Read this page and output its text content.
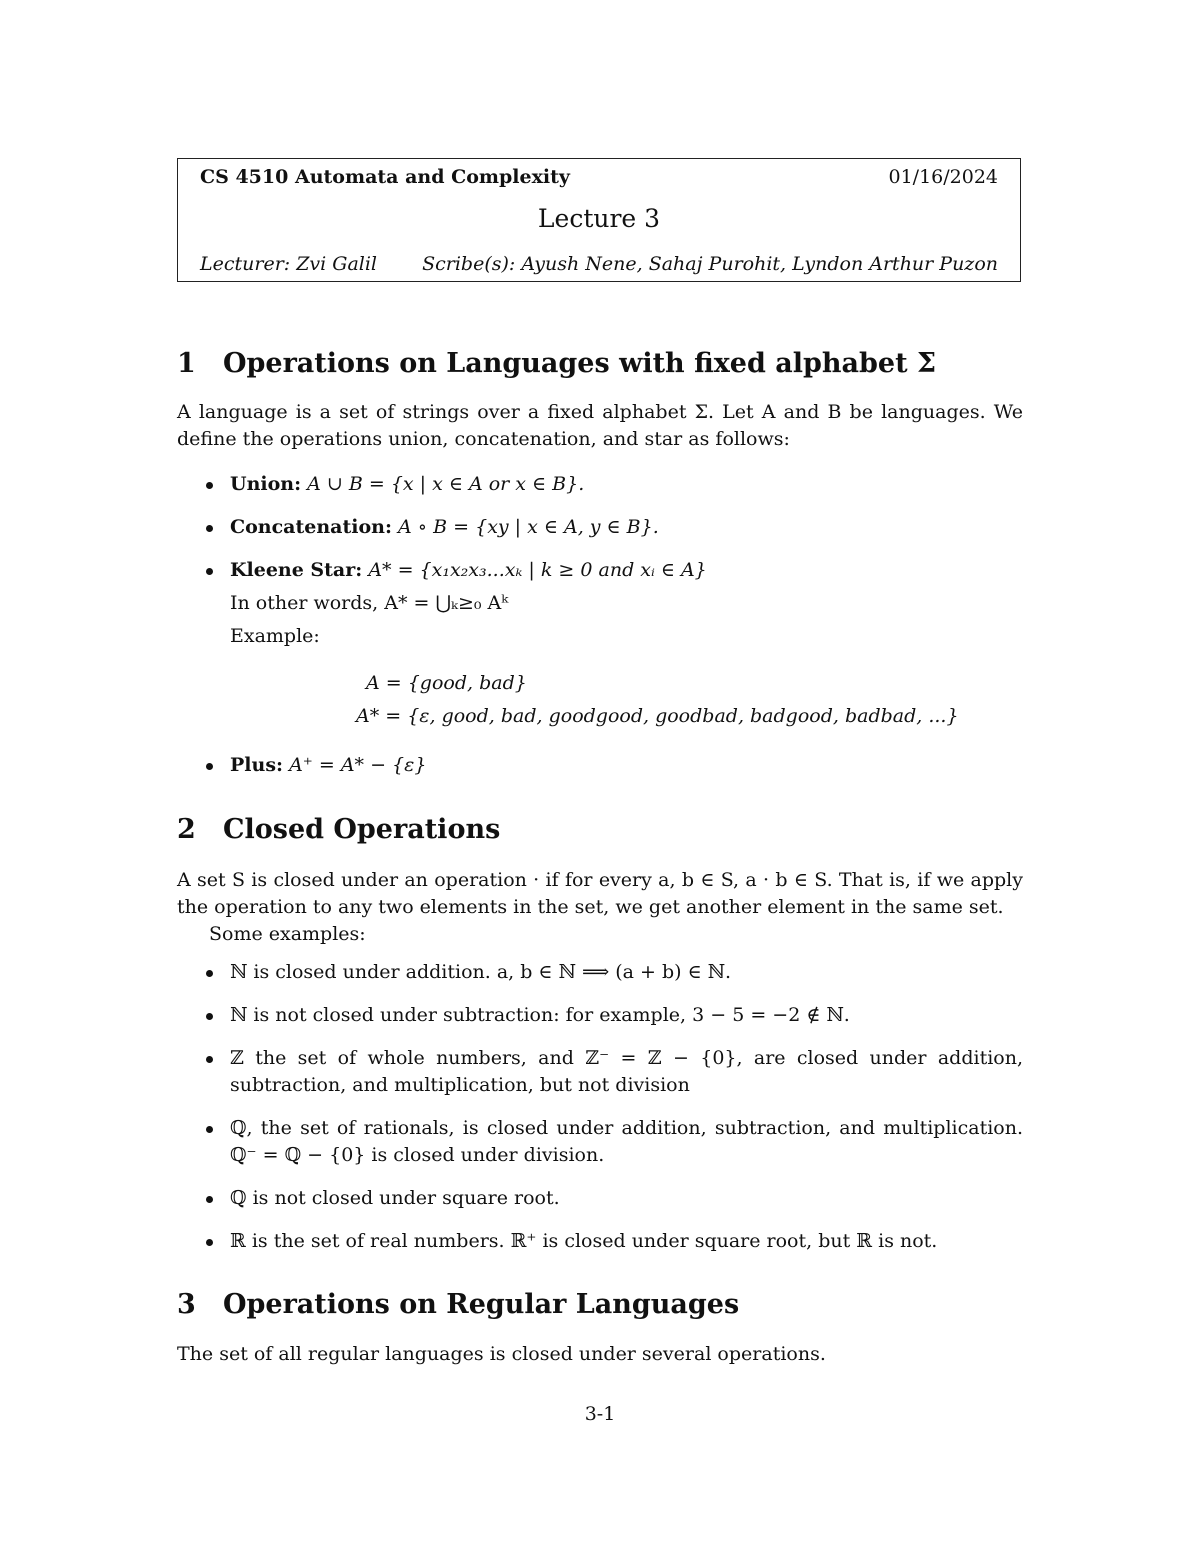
CS 4510 Automata and Complexity	01/16/2024
Lecture 3
Lecturer: Zvi Galil Scribe(s): Ayush Nene, Sahaj Purohit, Lyndon Arthur Puzon
1 Operations on Languages with fixed alphabet Σ

A language is a set of strings over a fixed alphabet Σ. Let A and B be languages. We define the operations union, concatenation, and star as follows:

Union: A ∪ B = {x | x ∈ A or x ∈ B}.
Concatenation: A ∘ B = {xy | x ∈ A, y ∈ B}.
Kleene Star: A* = {x₁x₂x₃...xₖ | k ≥ 0 and xᵢ ∈ A}
In other words, A* = ⋃ₖ≥₀ Aᵏ
Example:
A = {good, bad}
A* = {ε, good, bad, goodgood, goodbad, badgood, badbad, ...}
Plus: A⁺ = A* − {ε}
2 Closed Operations

A set S is closed under an operation · if for every a, b ∈ S, a · b ∈ S. That is, if we apply the operation to any two elements in the set, we get another element in the same set.

Some examples:

ℕ is closed under addition. a, b ∈ ℕ ⟹ (a + b) ∈ ℕ.
ℕ is not closed under subtraction: for example, 3 − 5 = −2 ∉ ℕ.
ℤ the set of whole numbers, and ℤ⁻ = ℤ − {0}, are closed under addition, subtraction, and multiplication, but not division
ℚ, the set of rationals, is closed under addition, subtraction, and multiplication. ℚ⁻ = ℚ − {0} is closed under division.
ℚ is not closed under square root.
ℝ is the set of real numbers. ℝ⁺ is closed under square root, but ℝ is not.
3 Operations on Regular Languages

The set of all regular languages is closed under several operations.

3-1
